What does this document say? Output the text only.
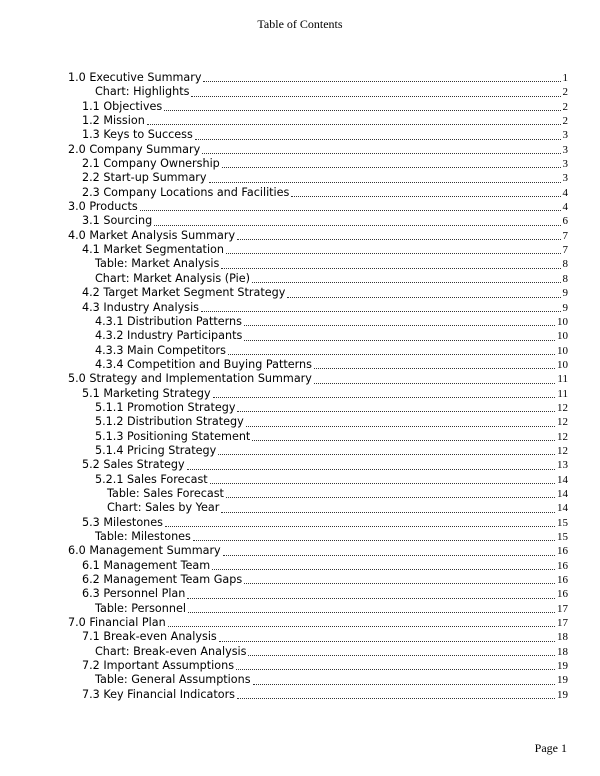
Table of Contents
1.0 Executive Summary	1
Chart: Highlights	2
1.1 Objectives	2
1.2 Mission	2
1.3 Keys to Success	3
2.0 Company Summary	3
2.1 Company Ownership	3
2.2 Start-up Summary	3
2.3 Company Locations and Facilities	4
3.0 Products	4
3.1 Sourcing	6
4.0 Market Analysis Summary	7
4.1 Market Segmentation	7
Table: Market Analysis	8
Chart: Market Analysis (Pie)	8
4.2 Target Market Segment Strategy	9
4.3 Industry Analysis	9
4.3.1 Distribution Patterns	10
4.3.2 Industry Participants	10
4.3.3 Main Competitors	10
4.3.4 Competition and Buying Patterns	10
5.0 Strategy and Implementation Summary	11
5.1 Marketing Strategy	11
5.1.1 Promotion Strategy	12
5.1.2 Distribution Strategy	12
5.1.3 Positioning Statement	12
5.1.4 Pricing Strategy	12
5.2 Sales Strategy	13
5.2.1 Sales Forecast	14
Table: Sales Forecast	14
Chart: Sales by Year	14
5.3 Milestones	15
Table: Milestones	15
6.0 Management Summary	16
6.1 Management Team	16
6.2 Management Team Gaps	16
6.3 Personnel Plan	16
Table: Personnel	17
7.0 Financial Plan	17
7.1 Break-even Analysis	18
Chart: Break-even Analysis	18
7.2 Important Assumptions	19
Table: General Assumptions	19
7.3 Key Financial Indicators	19
Page 1
